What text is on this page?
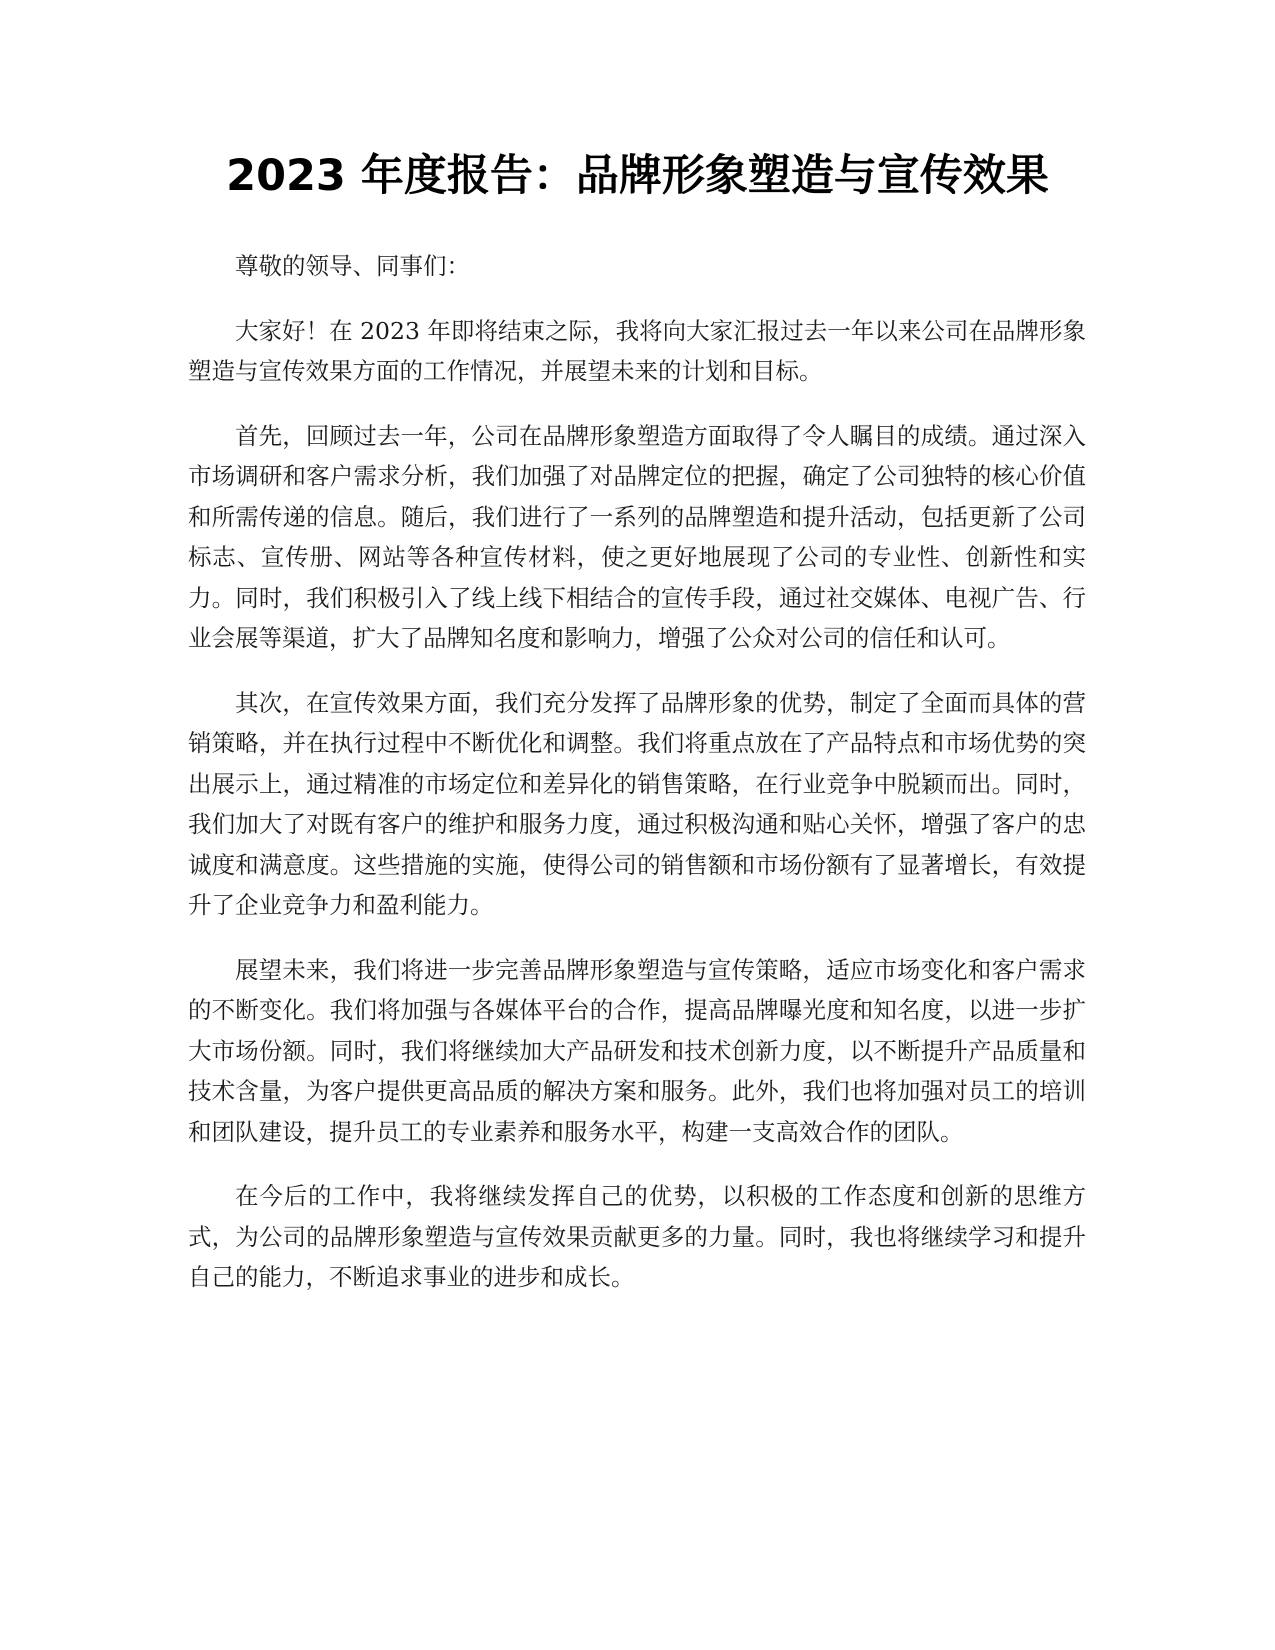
2023 年度报告：品牌形象塑造与宣传效果

尊敬的领导、同事们：

大家好！在 2023 年即将结束之际，我将向大家汇报过去一年以来公司在品牌形象塑造与宣传效果方面的工作情况，并展望未来的计划和目标。

首先，回顾过去一年，公司在品牌形象塑造方面取得了令人瞩目的成绩。通过深入市场调研和客户需求分析，我们加强了对品牌定位的把握，确定了公司独特的核心价值和所需传递的信息。随后，我们进行了一系列的品牌塑造和提升活动，包括更新了公司标志、宣传册、网站等各种宣传材料，使之更好地展现了公司的专业性、创新性和实力。同时，我们积极引入了线上线下相结合的宣传手段，通过社交媒体、电视广告、行业会展等渠道，扩大了品牌知名度和影响力，增强了公众对公司的信任和认可。

其次，在宣传效果方面，我们充分发挥了品牌形象的优势，制定了全面而具体的营销策略，并在执行过程中不断优化和调整。我们将重点放在了产品特点和市场优势的突出展示上，通过精准的市场定位和差异化的销售策略，在行业竞争中脱颖而出。同时，我们加大了对既有客户的维护和服务力度，通过积极沟通和贴心关怀，增强了客户的忠诚度和满意度。这些措施的实施，使得公司的销售额和市场份额有了显著增长，有效提升了企业竞争力和盈利能力。

展望未来，我们将进一步完善品牌形象塑造与宣传策略，适应市场变化和客户需求的不断变化。我们将加强与各媒体平台的合作，提高品牌曝光度和知名度，以进一步扩大市场份额。同时，我们将继续加大产品研发和技术创新力度，以不断提升产品质量和技术含量，为客户提供更高品质的解决方案和服务。此外，我们也将加强对员工的培训和团队建设，提升员工的专业素养和服务水平，构建一支高效合作的团队。

在今后的工作中，我将继续发挥自己的优势，以积极的工作态度和创新的思维方式，为公司的品牌形象塑造与宣传效果贡献更多的力量。同时，我也将继续学习和提升自己的能力，不断追求事业的进步和成长。
